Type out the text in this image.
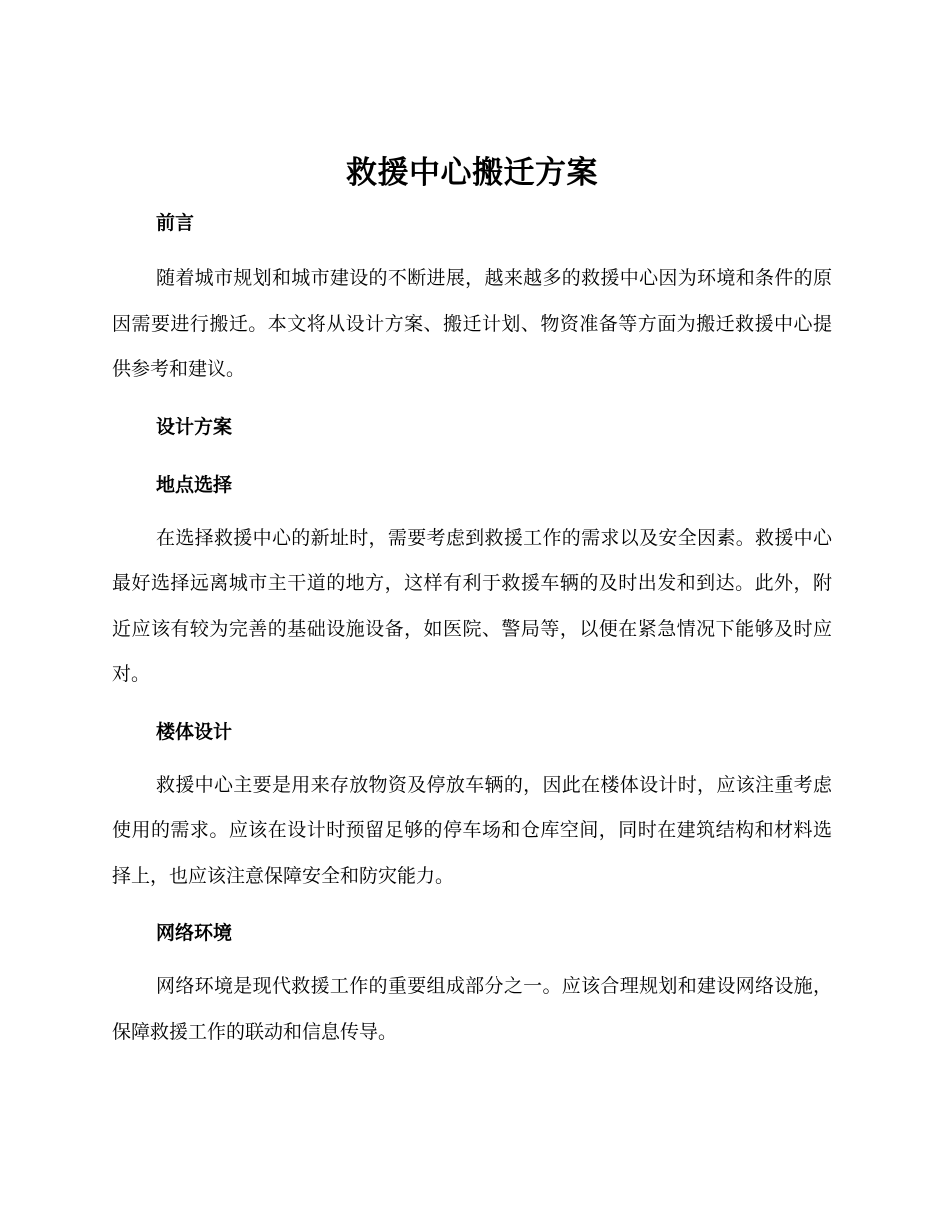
救援中心搬迁方案
前言

随着城市规划和城市建设的不断进展，越来越多的救援中心因为环境和条件的原因需要进行搬迁。本文将从设计方案、搬迁计划、物资准备等方面为搬迁救援中心提供参考和建议。

设计方案
地点选择

在选择救援中心的新址时，需要考虑到救援工作的需求以及安全因素。救援中心最好选择远离城市主干道的地方，这样有利于救援车辆的及时出发和到达。此外，附近应该有较为完善的基础设施设备，如医院、警局等，以便在紧急情况下能够及时应对。

楼体设计

救援中心主要是用来存放物资及停放车辆的，因此在楼体设计时，应该注重考虑使用的需求。应该在设计时预留足够的停车场和仓库空间，同时在建筑结构和材料选择上，也应该注意保障安全和防灾能力。

网络环境

网络环境是现代救援工作的重要组成部分之一。应该合理规划和建设网络设施，保障救援工作的联动和信息传导。
